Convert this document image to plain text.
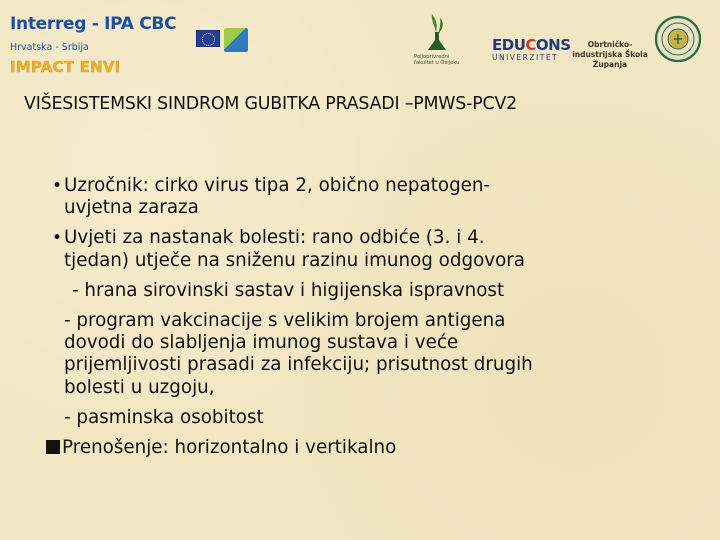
Interreg - IPA CBC
Hrvatska - Srbija
IMPACT ENVI
Poljoprivredni fakultet u Osijeku
EDUCONS
UNIVERZITET
Obrtničko-industrijska Škola Županja
VIŠESISTEMSKI SINDROM GUBITKA PRASADI –PMWS-PCV2
• Uzročnik: cirko virus tipa 2, obično nepatogen-
uvjetna zaraza
• Uvjeti za nastanak bolesti: rano odbiće (3. i 4.
tjedan) utječe na sniženu razinu imunog odgovora
- hrana sirovinski sastav i higijenska ispravnost
- program vakcinacije s velikim brojem antigena
dovodi do slabljenja imunog sustava i veće
prijemljivosti prasadi za infekciju; prisutnost drugih
bolesti u uzgoju,
- pasminska osobitost
Prenošenje: horizontalno i vertikalno
